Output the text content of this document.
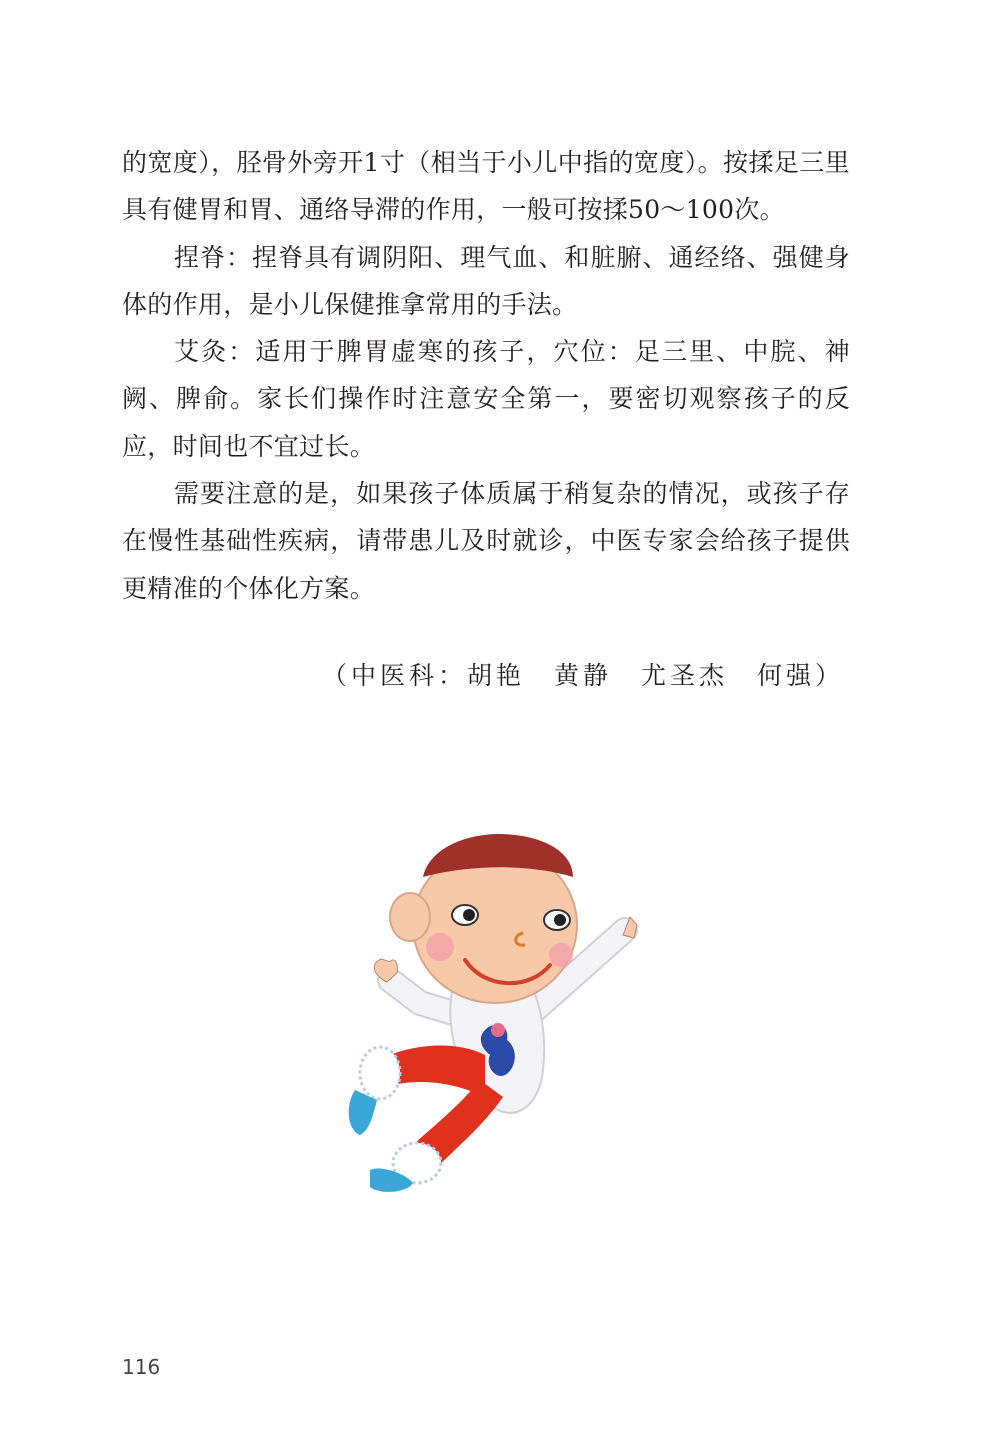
的宽度），胫骨外旁开1寸（相当于小儿中指的宽度）。按揉足三里具有健胃和胃、通络导滞的作用，一般可按揉50～100次。

捏脊：捏脊具有调阴阳、理气血、和脏腑、通经络、强健身体的作用，是小儿保健推拿常用的手法。

艾灸：适用于脾胃虚寒的孩子，穴位：足三里、中脘、神阙、脾俞。家长们操作时注意安全第一，要密切观察孩子的反应，时间也不宜过长。

需要注意的是，如果孩子体质属于稍复杂的情况，或孩子存在慢性基础性疾病，请带患儿及时就诊，中医专家会给孩子提供更精准的个体化方案。

（中医科：胡艳　黄静　尤圣杰　何强）
116
